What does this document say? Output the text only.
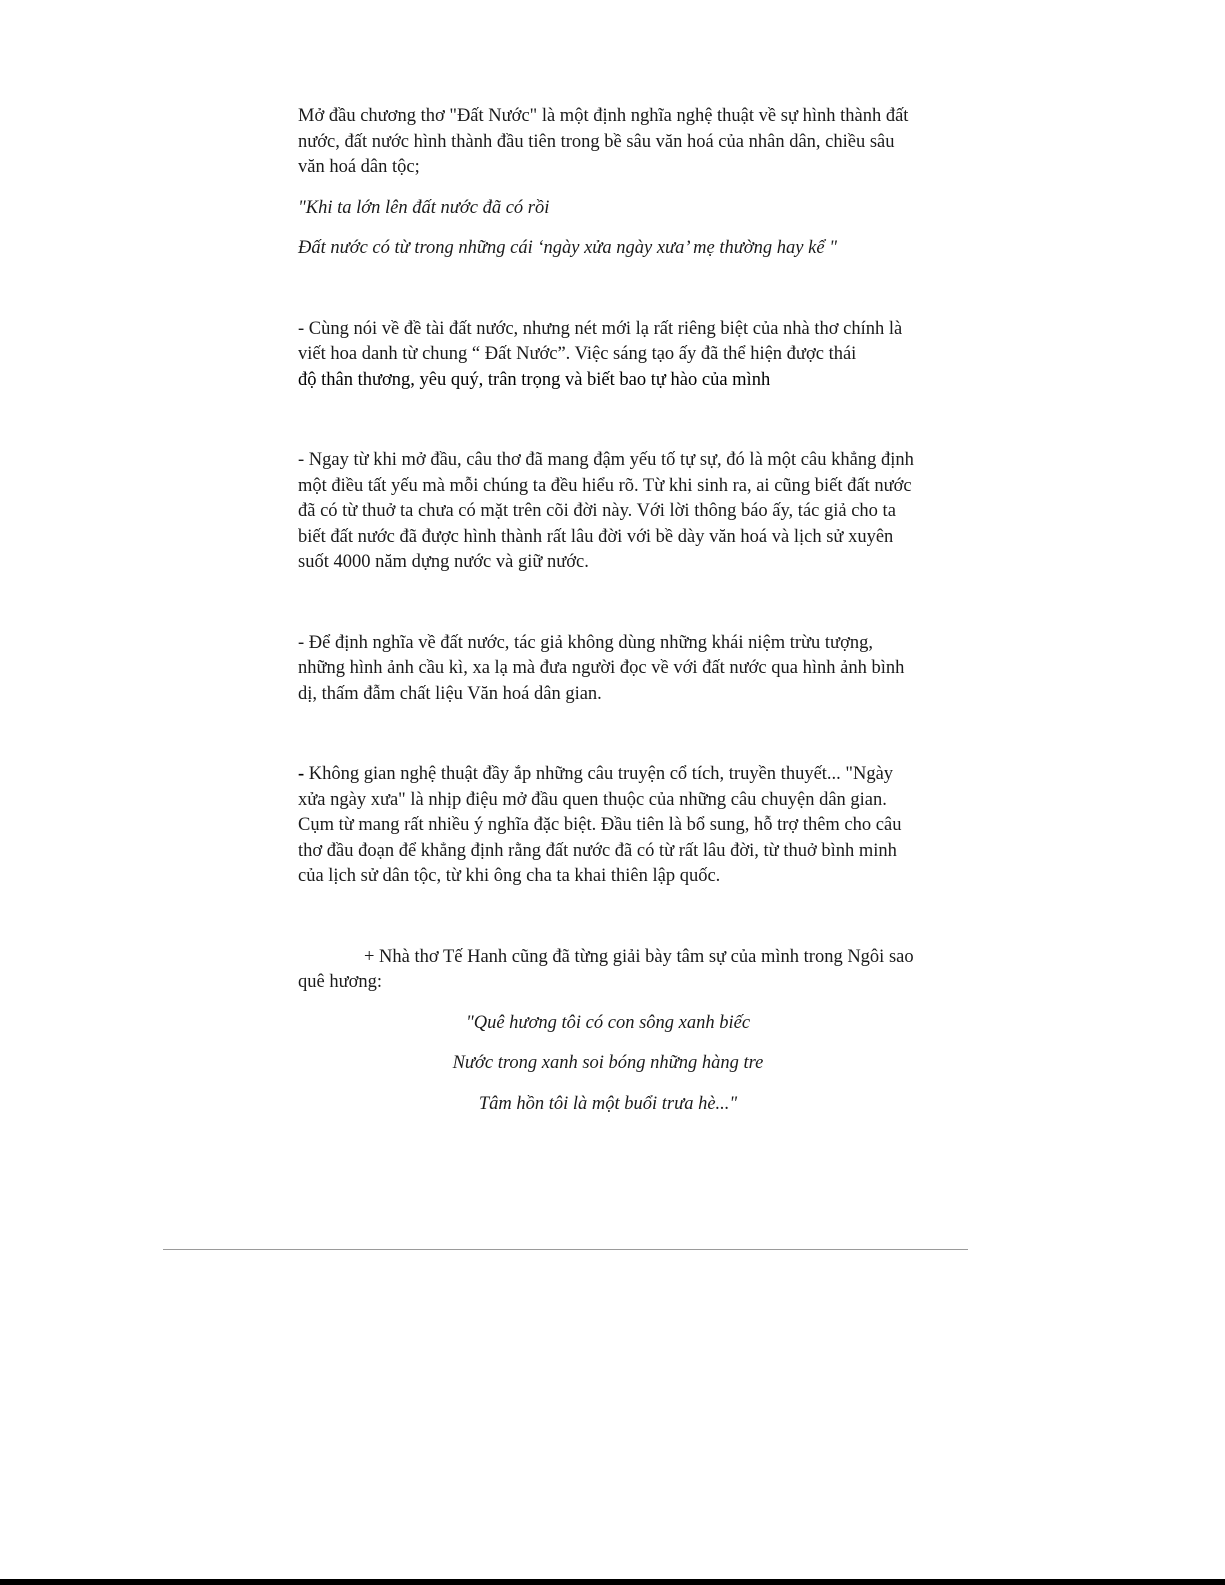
Mở đầu chương thơ "Đất Nước" là một định nghĩa nghệ thuật về sự hình thành đất nước, đất nước hình thành đầu tiên trong bề sâu văn hoá của nhân dân, chiều sâu văn hoá dân tộc;

"Khi ta lớn lên đất nước đã có rồi

Đất nước có từ trong những cái ‘ngày xửa ngày xưa’ mẹ thường hay kể "

- Cùng nói về đề tài đất nước, nhưng nét mới lạ rất riêng biệt của nhà thơ chính là viết hoa danh từ chung “ Đất Nước”. Việc sáng tạo ấy đã thể hiện được thái

độ thân thương, yêu quý, trân trọng và biết bao tự hào của mình

- Ngay từ khi mở đầu, câu thơ đã mang đậm yếu tố tự sự, đó là một câu khẳng định một điều tất yếu mà mỗi chúng ta đều hiểu rõ. Từ khi sinh ra, ai cũng biết đất nước đã có từ thuở ta chưa có mặt trên cõi đời này. Với lời thông báo ấy, tác giả cho ta biết đất nước đã được hình thành rất lâu đời với bề dày văn hoá và lịch sử xuyên suốt 4000 năm dựng nước và giữ nước.

- Để định nghĩa về đất nước, tác giả không dùng những khái niệm trừu tượng, những hình ảnh cầu kì, xa lạ mà đưa người đọc về với đất nước qua hình ảnh bình dị, thấm đẫm chất liệu Văn hoá dân gian.

- Không gian nghệ thuật đầy ắp những câu truyện cổ tích, truyền thuyết... "Ngày xửa ngày xưa" là nhịp điệu mở đầu quen thuộc của những câu chuyện dân gian. Cụm từ mang rất nhiều ý nghĩa đặc biệt. Đầu tiên là bổ sung, hỗ trợ thêm cho câu thơ đầu đoạn để khẳng định rằng đất nước đã có từ rất lâu đời, từ thuở bình minh của lịch sử dân tộc, từ khi ông cha ta khai thiên lập quốc.

+ Nhà thơ Tế Hanh cũng đã từng giải bày tâm sự của mình trong Ngôi sao quê hương:

"Quê hương tôi có con sông xanh biếc

Nước trong xanh soi bóng những hàng tre

Tâm hồn tôi là một buổi trưa hè..."
